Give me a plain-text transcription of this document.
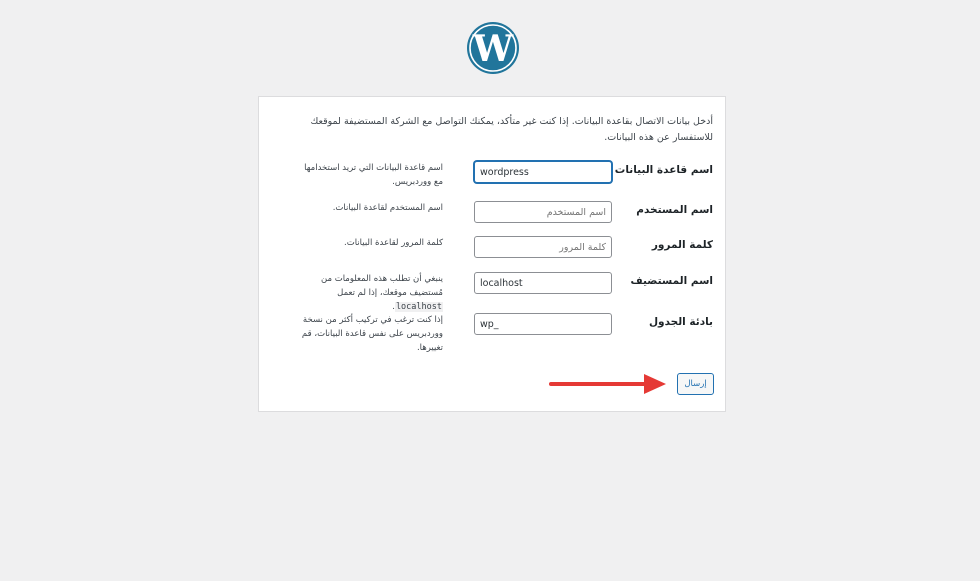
W
أدخل بيانات الاتصال بقاعدة البيانات. إذا كنت غير متأكد، يمكنك التواصل مع الشركة المستضيفة لموقعك للاستفسار عن هذه البيانات.
اسم قاعدة البيانات
wordpress
اسم قاعدة البيانات التي تريد استخدامها مع ووردبريس.
اسم المستخدم
اسم المستخدم
اسم المستخدم لقاعدة البيانات.
كلمة المرور
كلمة المرور
كلمة المرور لقاعدة البيانات.
اسم المستضيف
localhost
ينبغي أن تطلب هذه المعلومات من مُستضيف موقعك، إذا لم تعمل localhost.
بادئة الجدول
wp_
إذا كنت ترغب في تركيب أكثر من نسخة ووردبريس على نفس قاعدة البيانات، قم تغييرها.
إرسال
